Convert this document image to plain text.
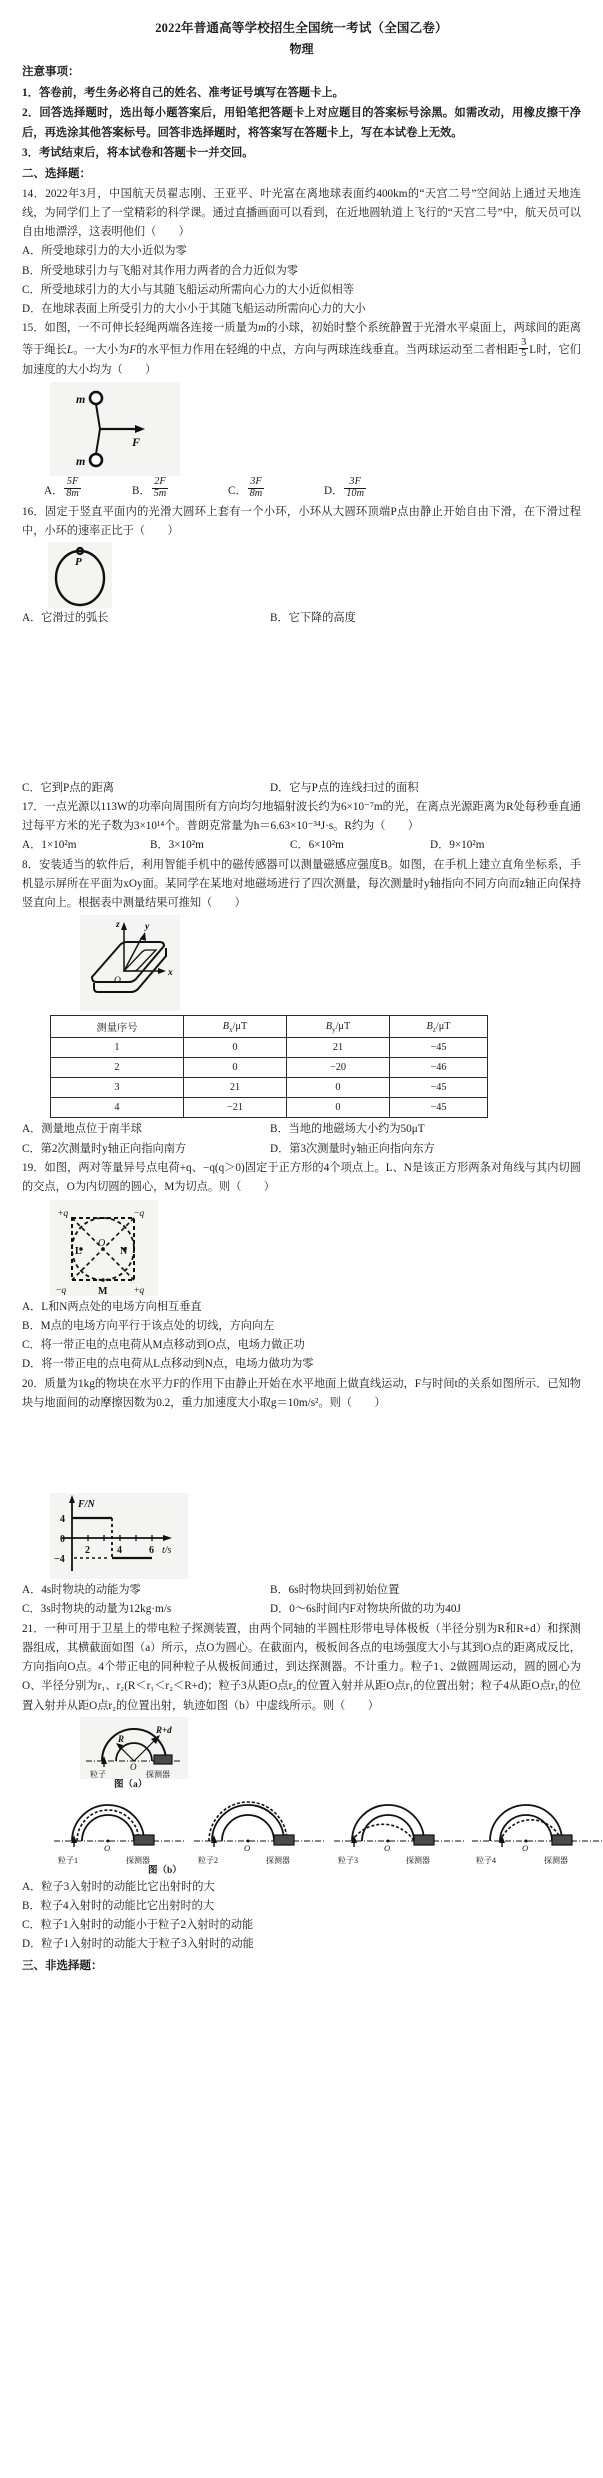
2022年普通高等学校招生全国统一考试（全国乙卷）
物理
注意事项：

1．答卷前，考生务必将自己的姓名、准考证号填写在答题卡上。

2．回答选择题时，选出每小题答案后，用铅笔把答题卡上对应题目的答案标号涂黑。如需改动，用橡皮擦干净后，再选涂其他答案标号。回答非选择题时，将答案写在答题卡上，写在本试卷上无效。

3．考试结束后，将本试卷和答题卡一并交回。

二、选择题：

14．2022年3月，中国航天员翟志刚、王亚平、叶光富在离地球表面约400km的“天宫二号”空间站上通过天地连线，为同学们上了一堂精彩的科学课。通过直播画面可以看到，在近地圆轨道上飞行的“天宫二号”中，航天员可以自由地漂浮，这表明他们（　　）

A．所受地球引力的大小近似为零

B．所受地球引力与飞船对其作用力两者的合力近似为零

C．所受地球引力的大小与其随飞船运动所需向心力的大小近似相等

D．在地球表面上所受引力的大小小于其随飞船运动所需向心力的大小

15．如图，一不可伸长轻绳两端各连接一质量为m的小球，初始时整个系统静置于光滑水平桌面上，两球间的距离等于绳长L。一大小为F的水平恒力作用在轻绳的中点，方向与两球连线垂直。当两球运动至二者相距 $\frac{3}{5}$ L时，它们加速度的大小均为（　　）

m
m
F
A． $\frac{5F}{8m}$	B． $\frac{2F}{5m}$	C． $\frac{3F}{8m}$	D． $\frac{3F}{10m}$

16．固定于竖直平面内的光滑大圆环上套有一个小环，小环从大圆环顶端P点由静止开始自由下滑，在下滑过程中，小环的速率正比于（　　）

P
A．它滑过的弧长	B．它下降的高度
C．它到P点的距离	D．它与P点的连线扫过的面积

17．一点光源以113W的功率向周围所有方向均匀地辐射波长约为6×10⁻⁷m的光，在离点光源距离为R处每秒垂直通过每平方米的光子数为3×10¹⁴个。普朗克常量为h＝6.63×10⁻³⁴J·s。R约为（　　）

A．1×10²m	B．3×10²m	C．6×10²m	D．9×10²m

8．安装适当的软件后，利用智能手机中的磁传感器可以测量磁感应强度B。如图，在手机上建立直角坐标系，手机显示屏所在平面为xOy面。某同学在某地对地磁场进行了四次测量，每次测量时y轴指向不同方向而z轴正向保持竖直向上。根据表中测量结果可推知（　　）

z	y
x
O
测量序号	$B_x/\mu T$	$B_y/\mu T$	$B_z/\mu T$
1	0	21	−45
2	0	−20	−46
3	21	0	−45
4	−21	0	−45
A．测量地点位于南半球	B．当地的地磁场大小约为50μT
C．第2次测量时y轴正向指向南方	D．第3次测量时y轴正向指向东方

19．如图，两对等量异号点电荷+q、−q(q＞0)固定于正方形的4个项点上。L、N是该正方形两条对角线与其内切圆的交点，O为内切圆的圆心，M为切点。则（　　）

+q	−q
−q	+q
L
O
N
M

A．L和N两点处的电场方向相互垂直

B．M点的电场方向平行于该点处的切线，方向向左

C．将一带正电的点电荷从M点移动到O点，电场力做正功

D．将一带正电的点电荷从L点移动到N点，电场力做功为零

20．质量为1kg的物块在水平力F的作用下由静止开始在水平地面上做直线运动，F与时间t的关系如图所示．已知物块与地面间的动摩擦因数为0.2，重力加速度大小取g＝10m/s²。则（　　）

F/N
4
0
−4
2	4	6 t/s
A．4s时物块的动能为零	B．6s时物块回到初始位置
C．3s时物块的动量为12kg·m/s	D．0～6s时间内F对物块所做的功为40J

21．一种可用于卫星上的带电粒子探测装置，由两个同轴的半圆柱形带电导体极板（半径分别为R和R+d）和探测器组成，其横截面如图（a）所示，点O为圆心。在截面内，极板间各点的电场强度大小与其到O点的距离成反比，方向指向O点。4个带正电的同种粒子从极板间通过，到达探测器。不计重力。粒子1、2做圆周运动，圆的圆心为O、半径分别为r₁、r₂(R＜r₁＜r₂＜R+d)；粒子3从距O点r₂的位置入射并从距O点r₁的位置出射；粒子4从距O点r₁的位置入射并从距O点r₂的位置出射，轨迹如图（b）中虚线所示。则（　　）

R
R+d
O
粒子	探测器
图（a）
O
粒子1	探测器
O
粒子2	探测器
O
粒子3	探测器
O
粒子4	探测器
图（b）

A．粒子3入射时的动能比它出射时的大

B．粒子4入射时的动能比它出射时的大

C．粒子1入射时的动能小于粒子2入射时的动能

D．粒子1入射时的动能大于粒子3入射时的动能

三、非选择题：
